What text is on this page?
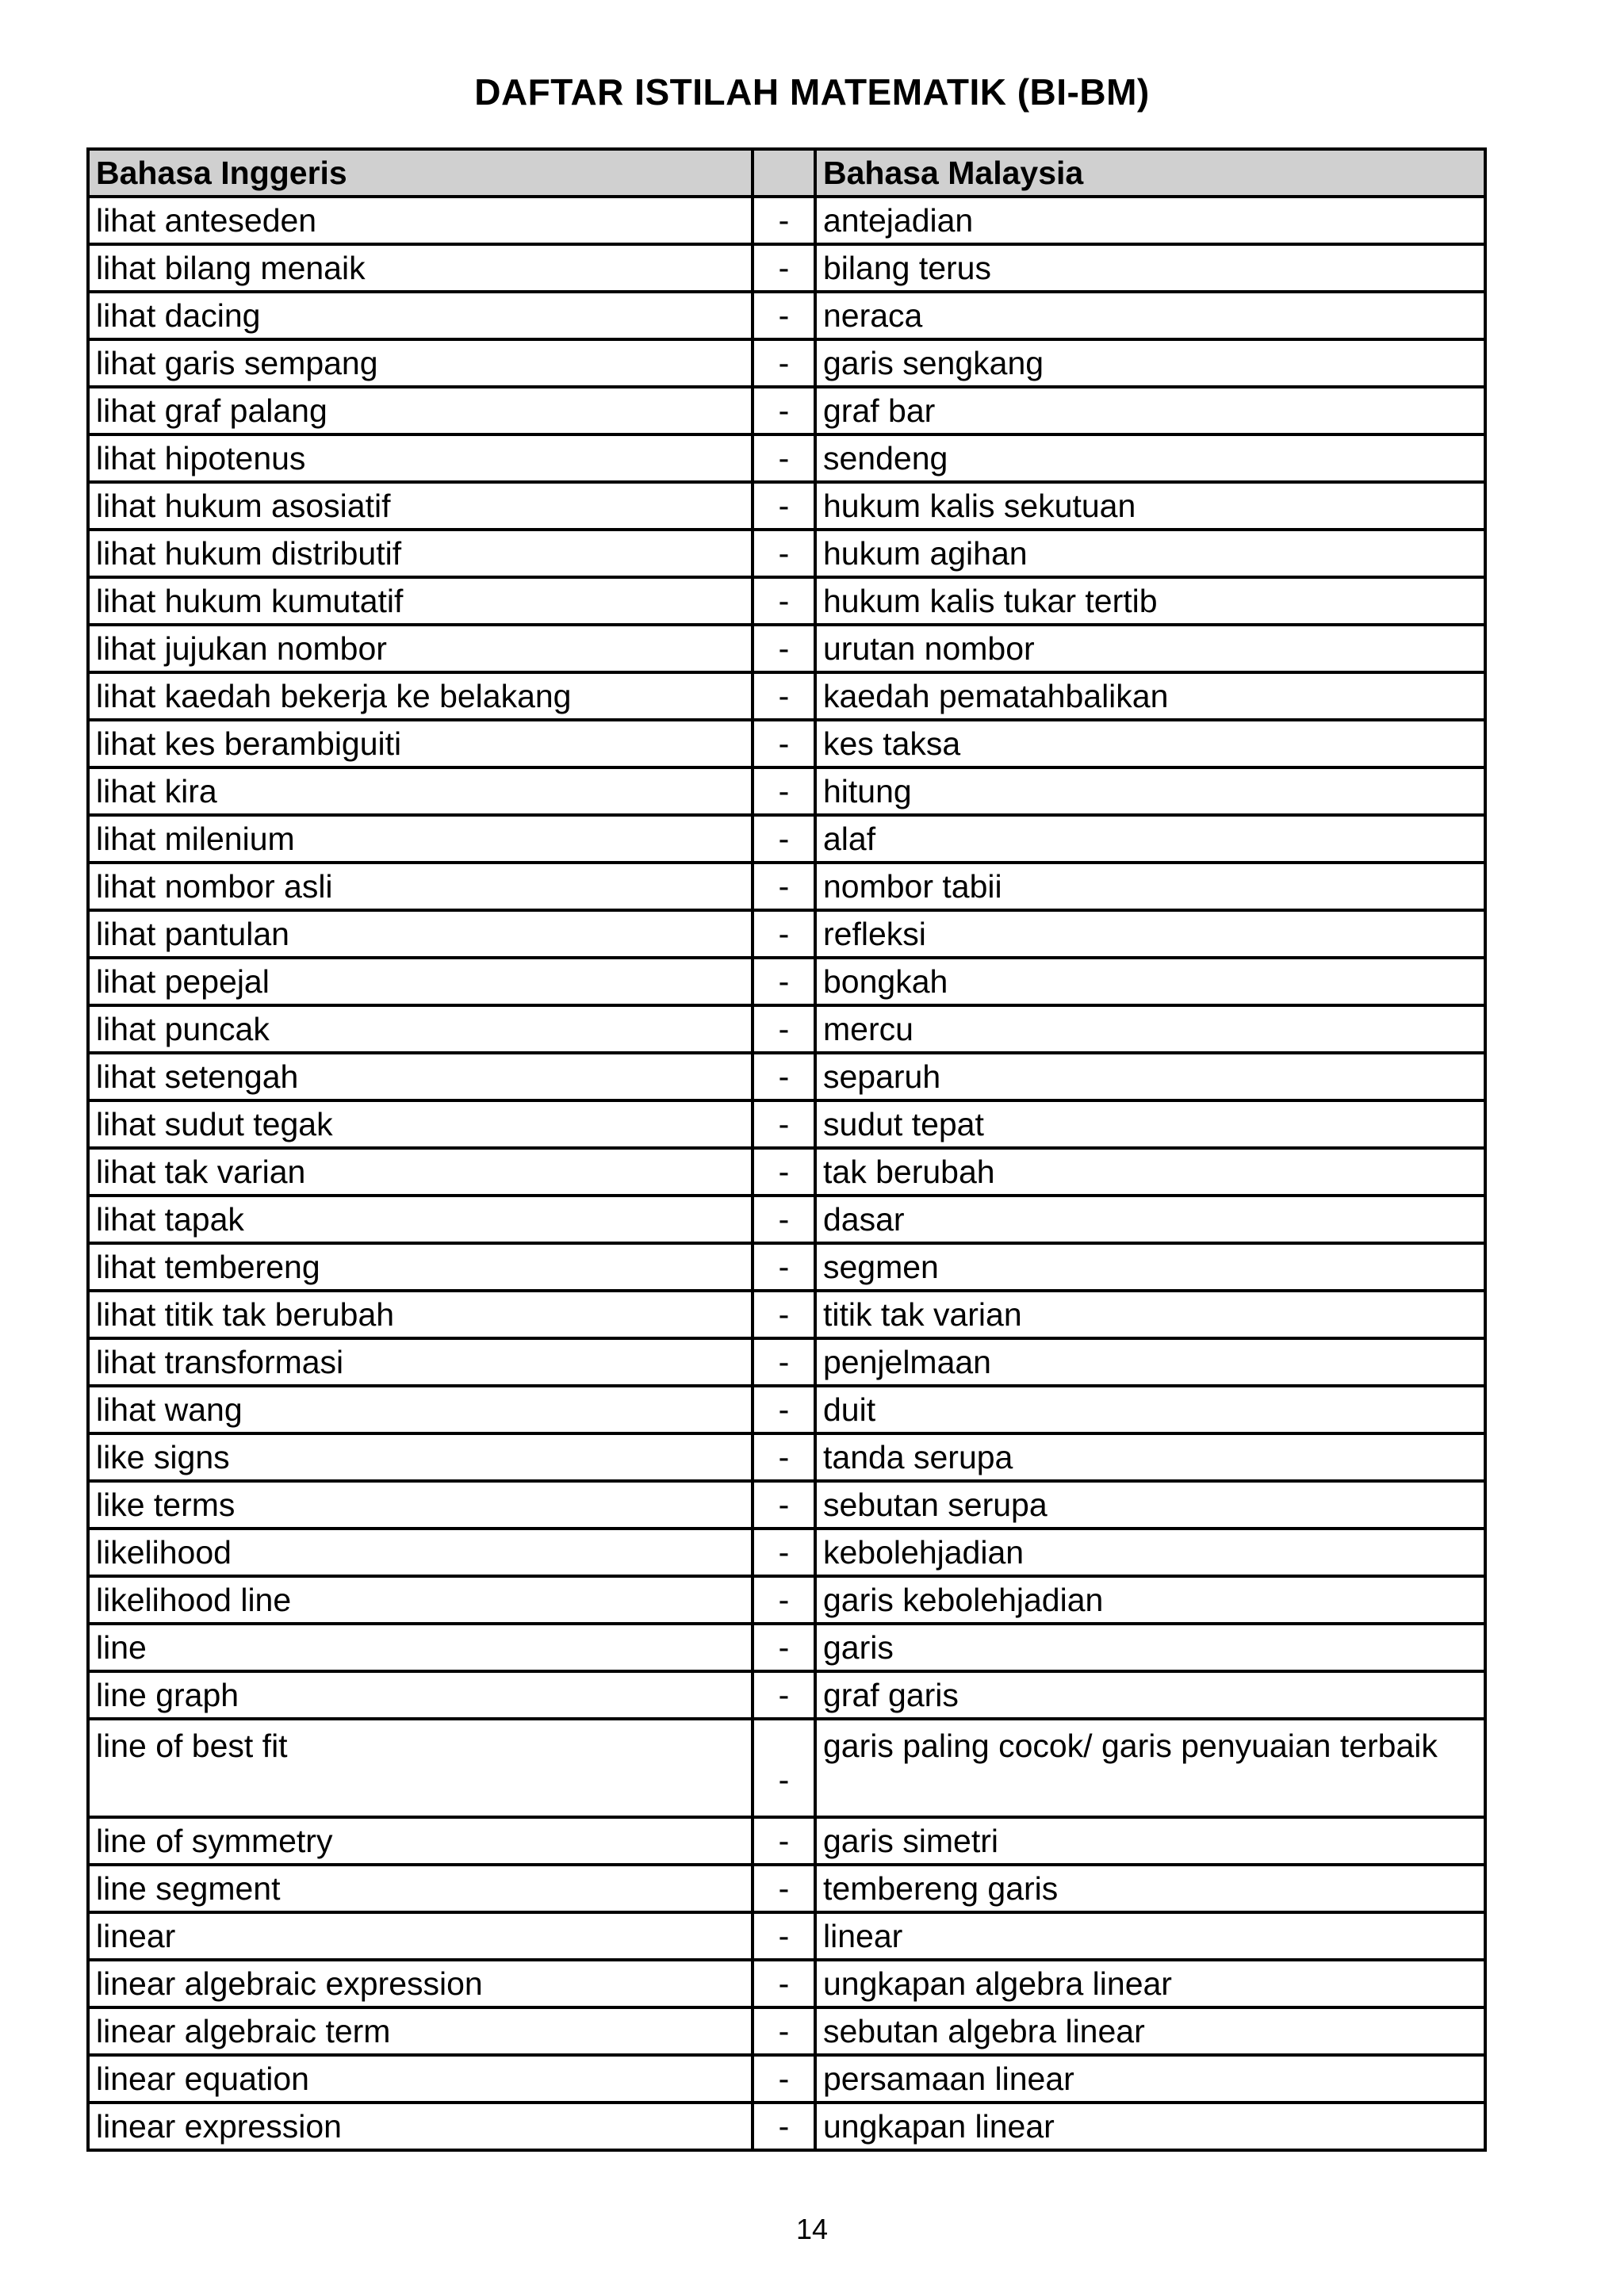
DAFTAR ISTILAH MATEMATIK (BI-BM)
Bahasa Inggeris		Bahasa Malaysia
lihat anteseden	-	antejadian
lihat bilang menaik	-	bilang terus
lihat dacing	-	neraca
lihat garis sempang	-	garis sengkang
lihat graf palang	-	graf bar
lihat hipotenus	-	sendeng
lihat hukum asosiatif	-	hukum kalis sekutuan
lihat hukum distributif	-	hukum agihan
lihat hukum kumutatif	-	hukum kalis tukar tertib
lihat jujukan nombor	-	urutan nombor
lihat kaedah bekerja ke belakang	-	kaedah pematahbalikan
lihat kes berambiguiti	-	kes taksa
lihat kira	-	hitung
lihat milenium	-	alaf
lihat nombor asli	-	nombor tabii
lihat pantulan	-	refleksi
lihat pepejal	-	bongkah
lihat puncak	-	mercu
lihat setengah	-	separuh
lihat sudut tegak	-	sudut tepat
lihat tak varian	-	tak berubah
lihat tapak	-	dasar
lihat tembereng	-	segmen
lihat titik tak berubah	-	titik tak varian
lihat transformasi	-	penjelmaan
lihat wang	-	duit
like signs	-	tanda serupa
like terms	-	sebutan serupa
likelihood	-	kebolehjadian
likelihood line	-	garis kebolehjadian
line	-	garis
line graph	-	graf garis
line of best fit	-	garis paling cocok/ garis penyuaian terbaik
line of symmetry	-	garis simetri
line segment	-	tembereng garis
linear	-	linear
linear algebraic expression	-	ungkapan algebra linear
linear algebraic term	-	sebutan algebra linear
linear equation	-	persamaan linear
linear expression	-	ungkapan linear
14
